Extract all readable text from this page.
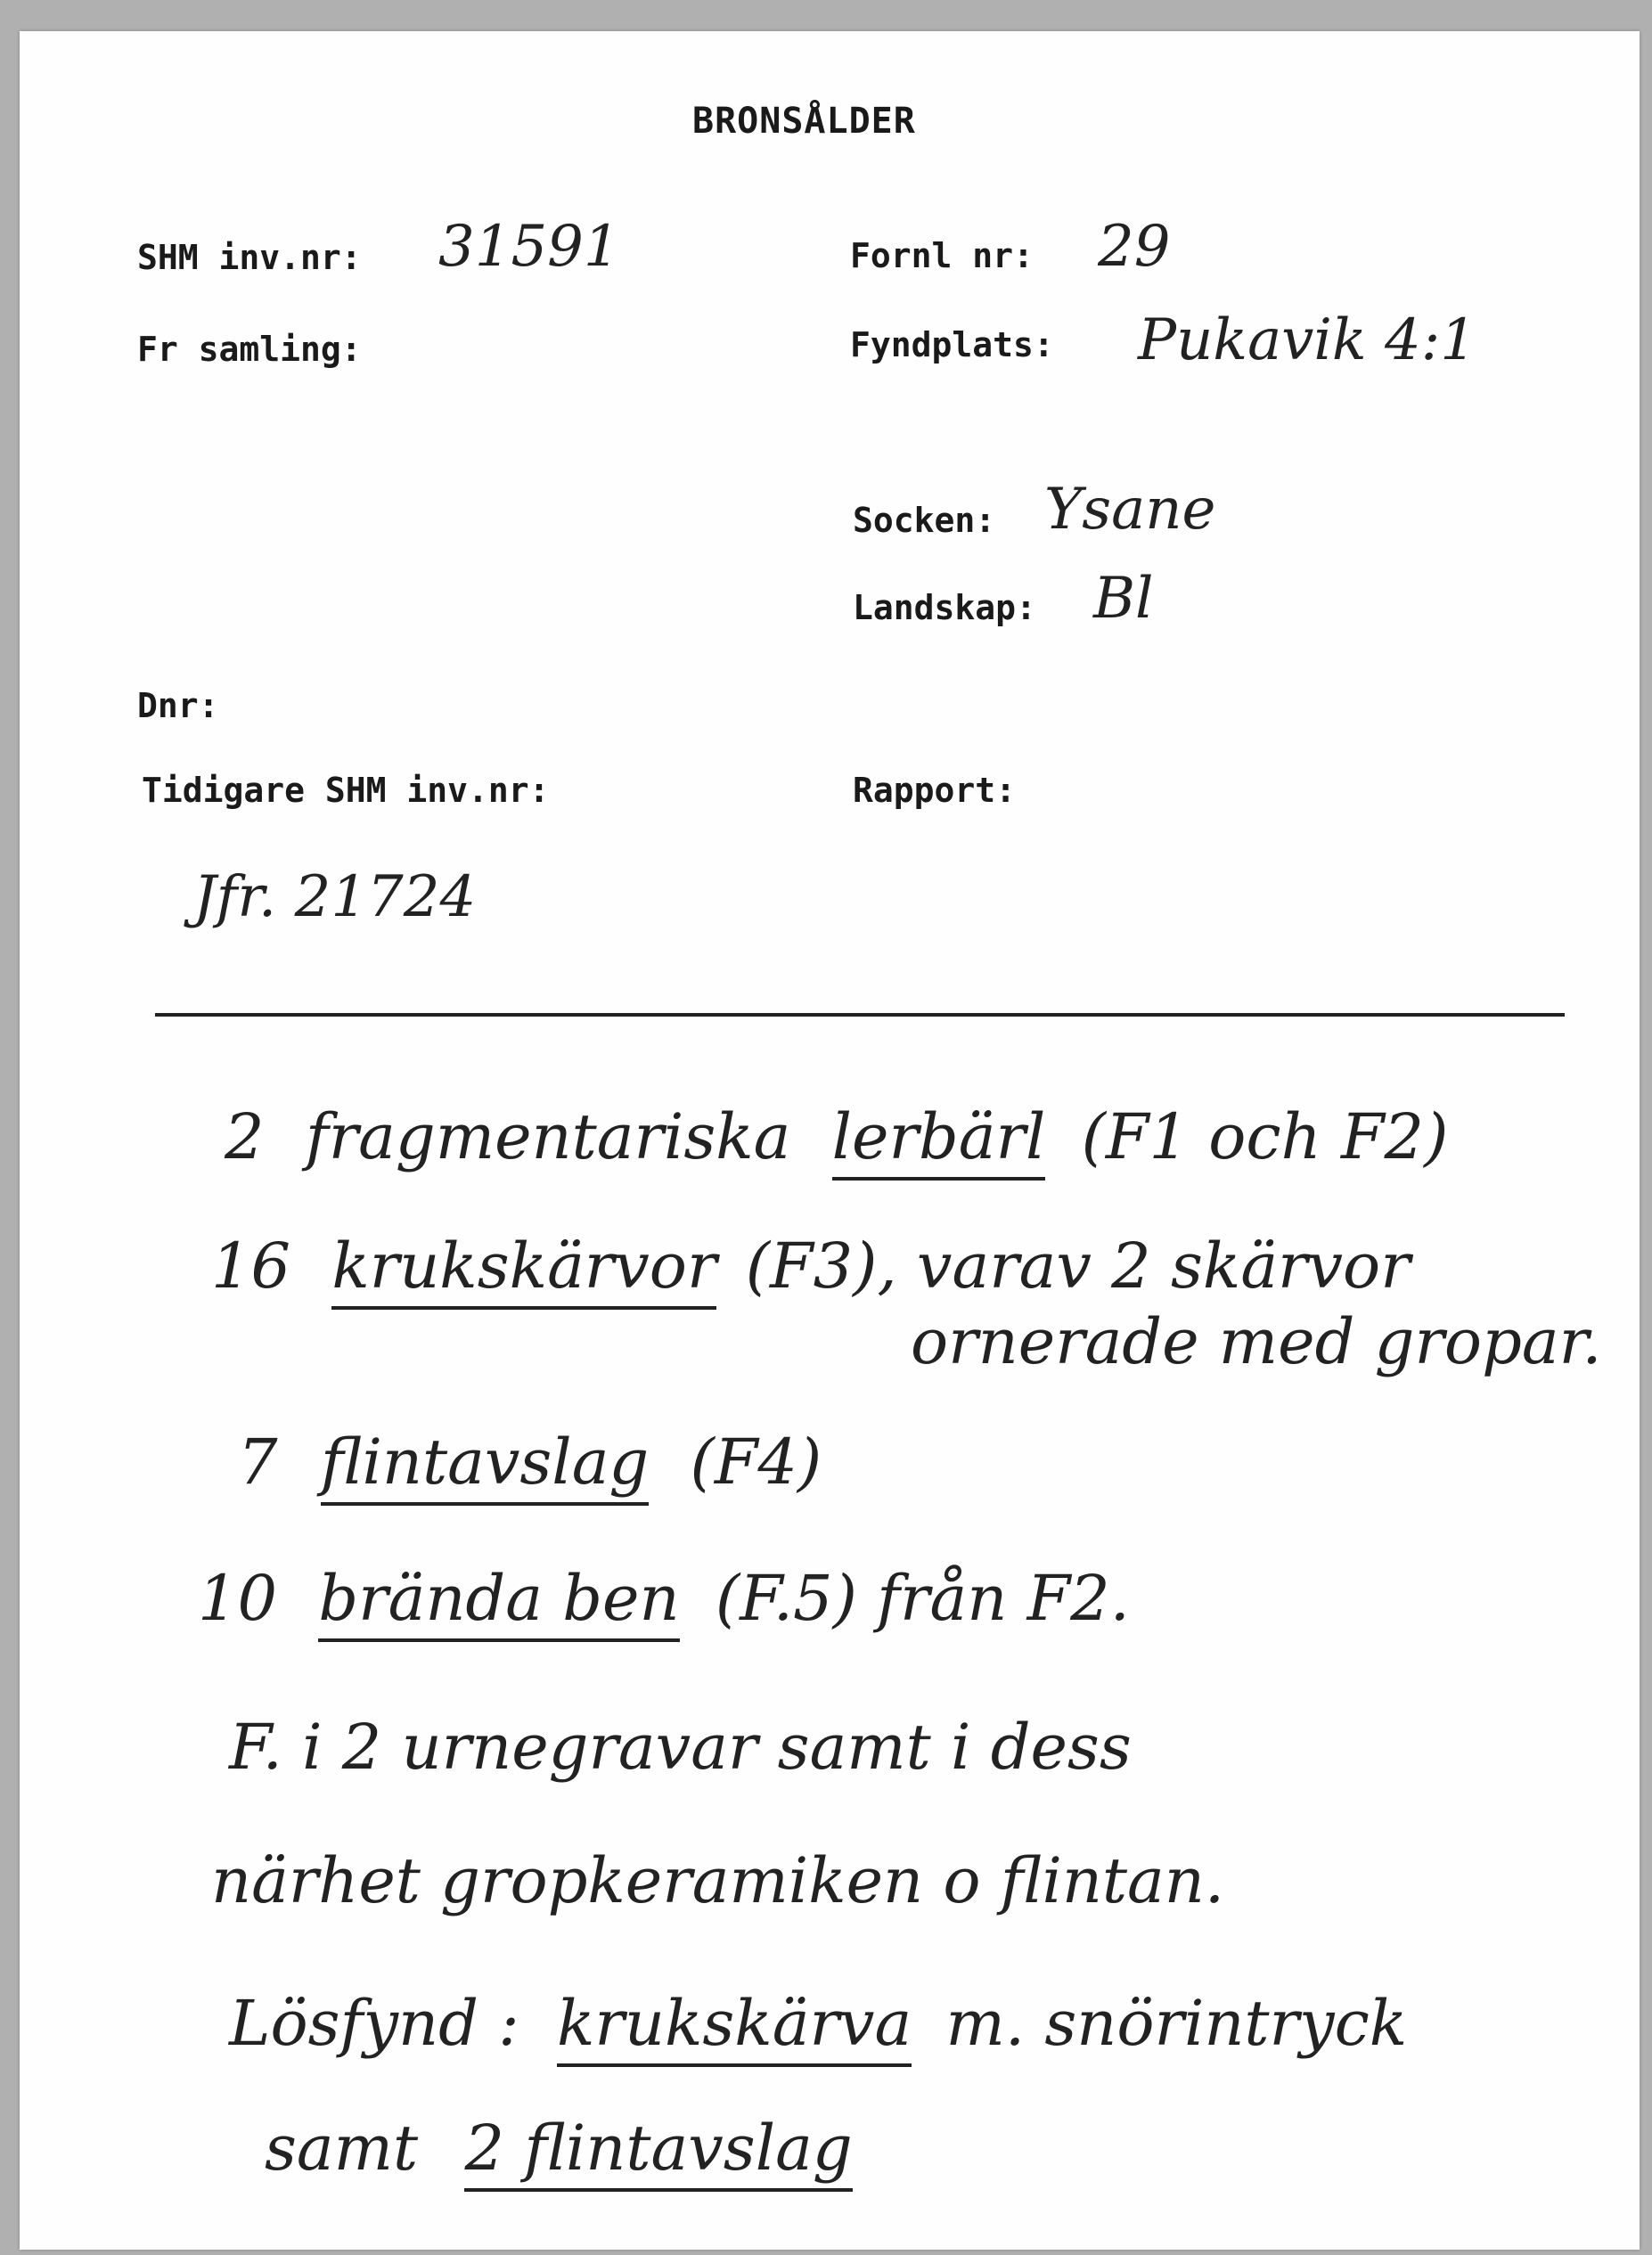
BRONSÅLDER
SHM inv.nr: 31591	Fornl nr: 29
Fr samling:	Fyndplats: Pukavik 4:1
Socken: Ysane
Landskap: Bl
Dnr:
Tidigare SHM inv.nr:
Jfr. 21724
Rapport:
2 fragmentariska lerbärl (F1 och F2)
16 krukskärvor (F3), varav 2 skärvor
ornerade med gropar.
7 flintavslag (F4)
10 brända ben (F.5) från F2.
F. i 2 urnegravar samt i dess
närhet gropkeramiken o flintan.
Lösfynd : krukskärva m. snörintryck
samt 2 flintavslag
